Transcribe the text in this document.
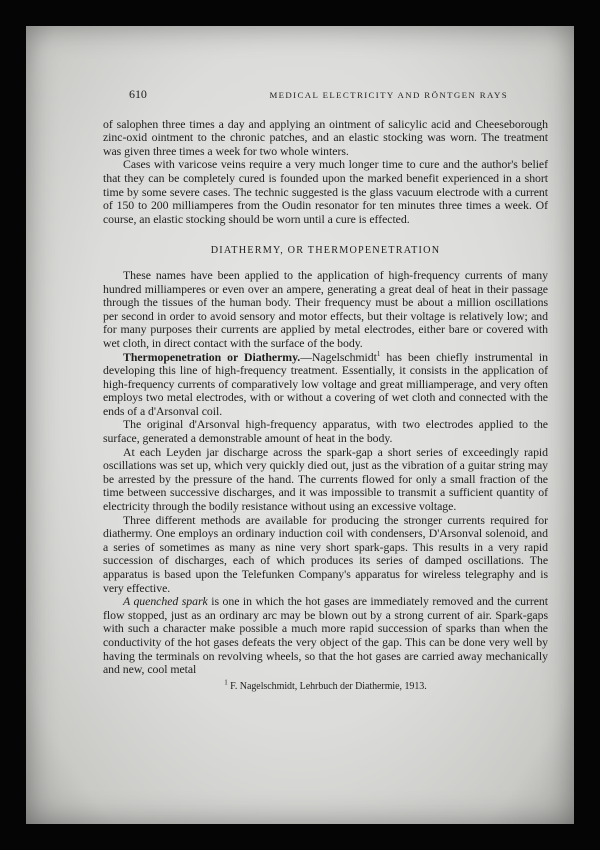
610	MEDICAL ELECTRICITY AND RÖNTGEN RAYS

of salophen three times a day and applying an ointment of salicylic acid and Cheeseborough zinc-oxid ointment to the chronic patches, and an elastic stocking was worn. The treatment was given three times a week for two whole winters.

Cases with varicose veins require a very much longer time to cure and the author's belief that they can be completely cured is founded upon the marked benefit experienced in a short time by some severe cases. The technic suggested is the glass vacuum electrode with a current of 150 to 200 milliamperes from the Oudin resonator for ten minutes three times a week. Of course, an elastic stocking should be worn until a cure is effected.

DIATHERMY, OR THERMOPENETRATION

These names have been applied to the application of high-frequency currents of many hundred milliamperes or even over an ampere, generating a great deal of heat in their passage through the tissues of the human body. Their frequency must be about a million oscillations per second in order to avoid sensory and motor effects, but their voltage is relatively low; and for many purposes their currents are applied by metal electrodes, either bare or covered with wet cloth, in direct contact with the surface of the body.

Thermopenetration or Diathermy.—Nagelschmidt$^1$ has been chiefly instrumental in developing this line of high-frequency treatment. Essentially, it consists in the application of high-frequency currents of comparatively low voltage and great milliamperage, and very often employs two metal electrodes, with or without a covering of wet cloth and connected with the ends of a d'Arsonval coil.

The original d'Arsonval high-frequency apparatus, with two electrodes applied to the surface, generated a demonstrable amount of heat in the body.

At each Leyden jar discharge across the spark-gap a short series of exceedingly rapid oscillations was set up, which very quickly died out, just as the vibration of a guitar string may be arrested by the pressure of the hand. The currents flowed for only a small fraction of the time between successive discharges, and it was impossible to transmit a sufficient quantity of electricity through the bodily resistance without using an excessive voltage.

Three different methods are available for producing the stronger currents required for diathermy. One employs an ordinary induction coil with condensers, D'Arsonval solenoid, and a series of sometimes as many as nine very short spark-gaps. This results in a very rapid succession of discharges, each of which produces its series of damped oscillations. The apparatus is based upon the Telefunken Company's apparatus for wireless telegraphy and is very effective.

A quenched spark is one in which the hot gases are immediately removed and the current flow stopped, just as an ordinary arc may be blown out by a strong current of air. Spark-gaps with such a character make possible a much more rapid succession of sparks than when the conductivity of the hot gases defeats the very object of the gap. This can be done very well by having the terminals on revolving wheels, so that the hot gases are carried away mechanically and new, cool metal

$^1$ F. Nagelschmidt, Lehrbuch der Diathermie, 1913.
